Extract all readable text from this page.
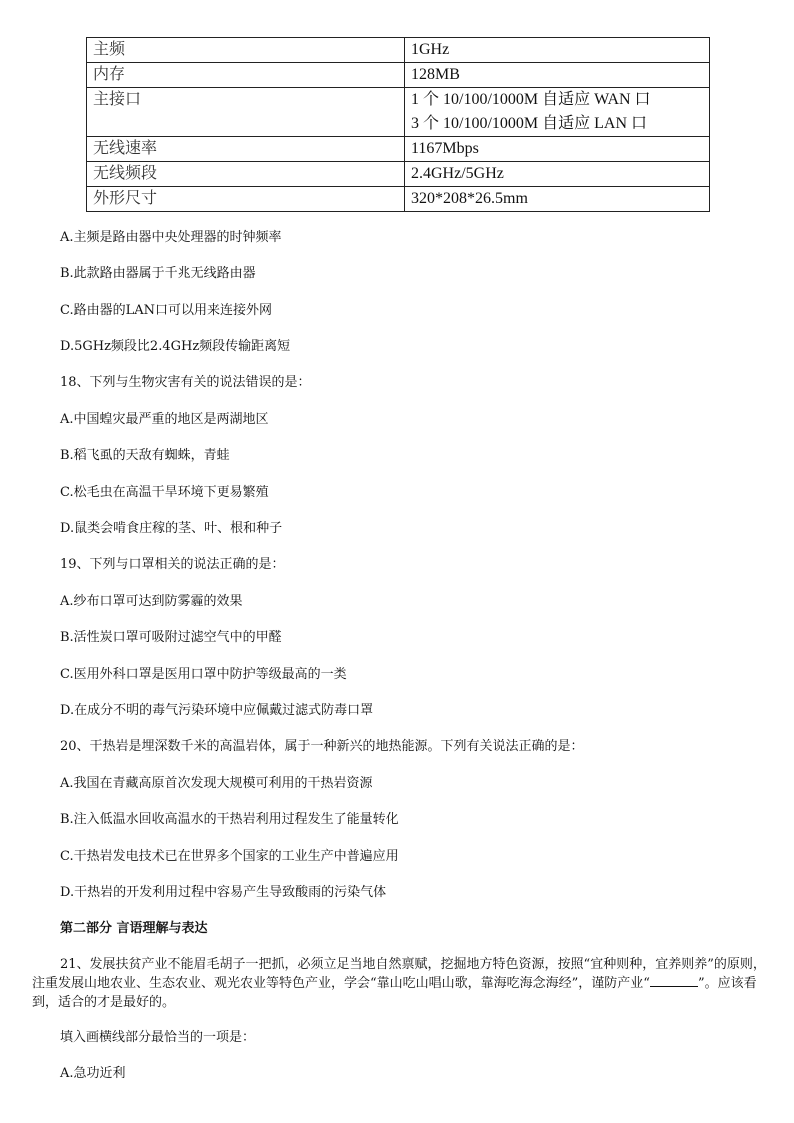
主频	1GHz
内存	128MB
主接口	1 个 10/100/1000M 自适应 WAN 口
3 个 10/100/1000M 自适应 LAN 口
无线速率	1167Mbps
无线频段	2.4GHz/5GHz
外形尺寸	320*208*26.5mm
A.主频是路由器中央处理器的时钟频率
B.此款路由器属于千兆无线路由器
C.路由器的LAN口可以用来连接外网
D.5GHz频段比2.4GHz频段传输距离短
18、下列与生物灾害有关的说法错误的是：
A.中国蝗灾最严重的地区是两湖地区
B.稻飞虱的天敌有蜘蛛，青蛙
C.松毛虫在高温干旱环境下更易繁殖
D.鼠类会啃食庄稼的茎、叶、根和种子
19、下列与口罩相关的说法正确的是：
A.纱布口罩可达到防雾霾的效果
B.活性炭口罩可吸附过滤空气中的甲醛
C.医用外科口罩是医用口罩中防护等级最高的一类
D.在成分不明的毒气污染环境中应佩戴过滤式防毒口罩
20、干热岩是埋深数千米的高温岩体，属于一种新兴的地热能源。下列有关说法正确的是：
A.我国在青藏高原首次发现大规模可利用的干热岩资源
B.注入低温水回收高温水的干热岩利用过程发生了能量转化
C.干热岩发电技术已在世界多个国家的工业生产中普遍应用
D.干热岩的开发利用过程中容易产生导致酸雨的污染气体
第二部分 言语理解与表达
21、发展扶贫产业不能眉毛胡子一把抓，必须立足当地自然禀赋，挖掘地方特色资源，按照“宜种则种，宜养则养”的原则，注重发展山地农业、生态农业、观光农业等特色产业，学会“靠山吃山唱山歌，靠海吃海念海经”，谨防产业“	”。应该看到，适合的才是最好的。
填入画横线部分最恰当的一项是：
A.急功近利
